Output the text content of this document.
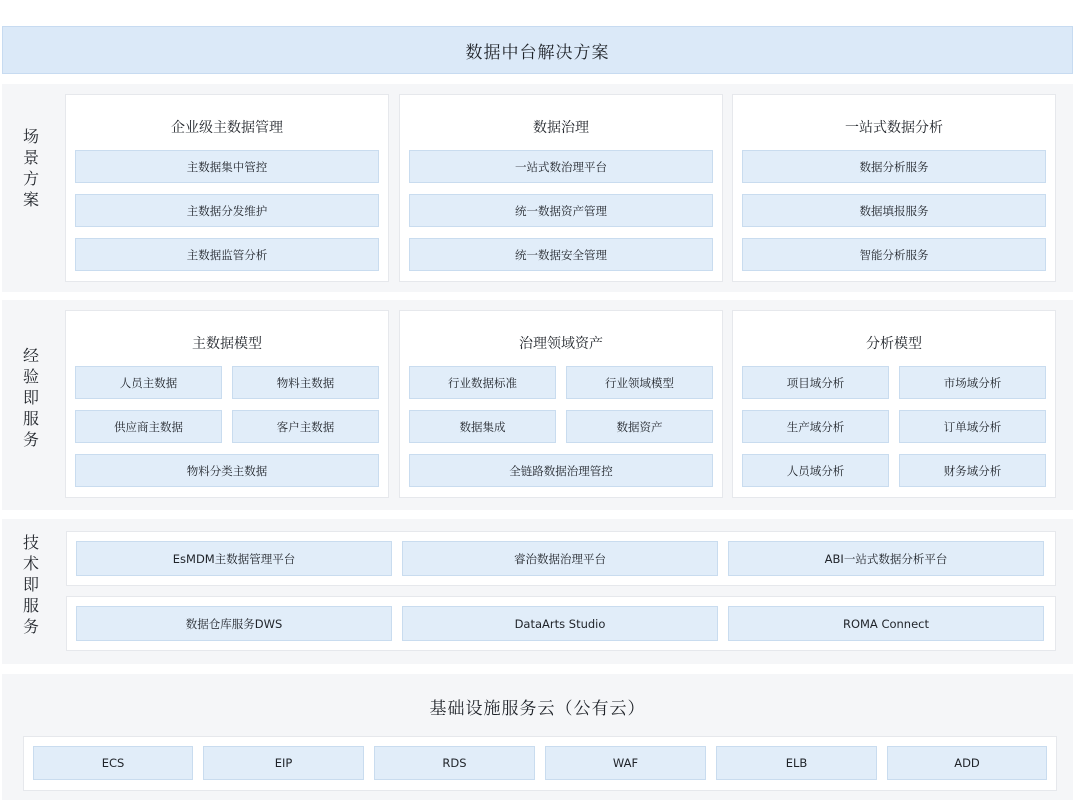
数据中台解决方案
场景方案
企业级主数据管理
主数据集中管控
主数据分发维护
主数据监管分析
数据治理
一站式数治理平台
统一数据资产管理
统一数据安全管理
一站式数据分析
数据分析服务
数据填报服务
智能分析服务
经验即服务
主数据模型
人员主数据	物料主数据
供应商主数据	客户主数据
物料分类主数据
治理领域资产
行业数据标准	行业领域模型
数据集成	数据资产
全链路数据治理管控
分析模型
项目域分析	市场域分析
生产域分析	订单域分析
人员域分析	财务域分析
技术即服务
EsMDM主数据管理平台	睿治数据治理平台	ABI一站式数据分析平台
数据仓库服务DWS	DataArts Studio	ROMA Connect
基础设施服务云（公有云）
ECS	EIP	RDS	WAF	ELB	ADD
